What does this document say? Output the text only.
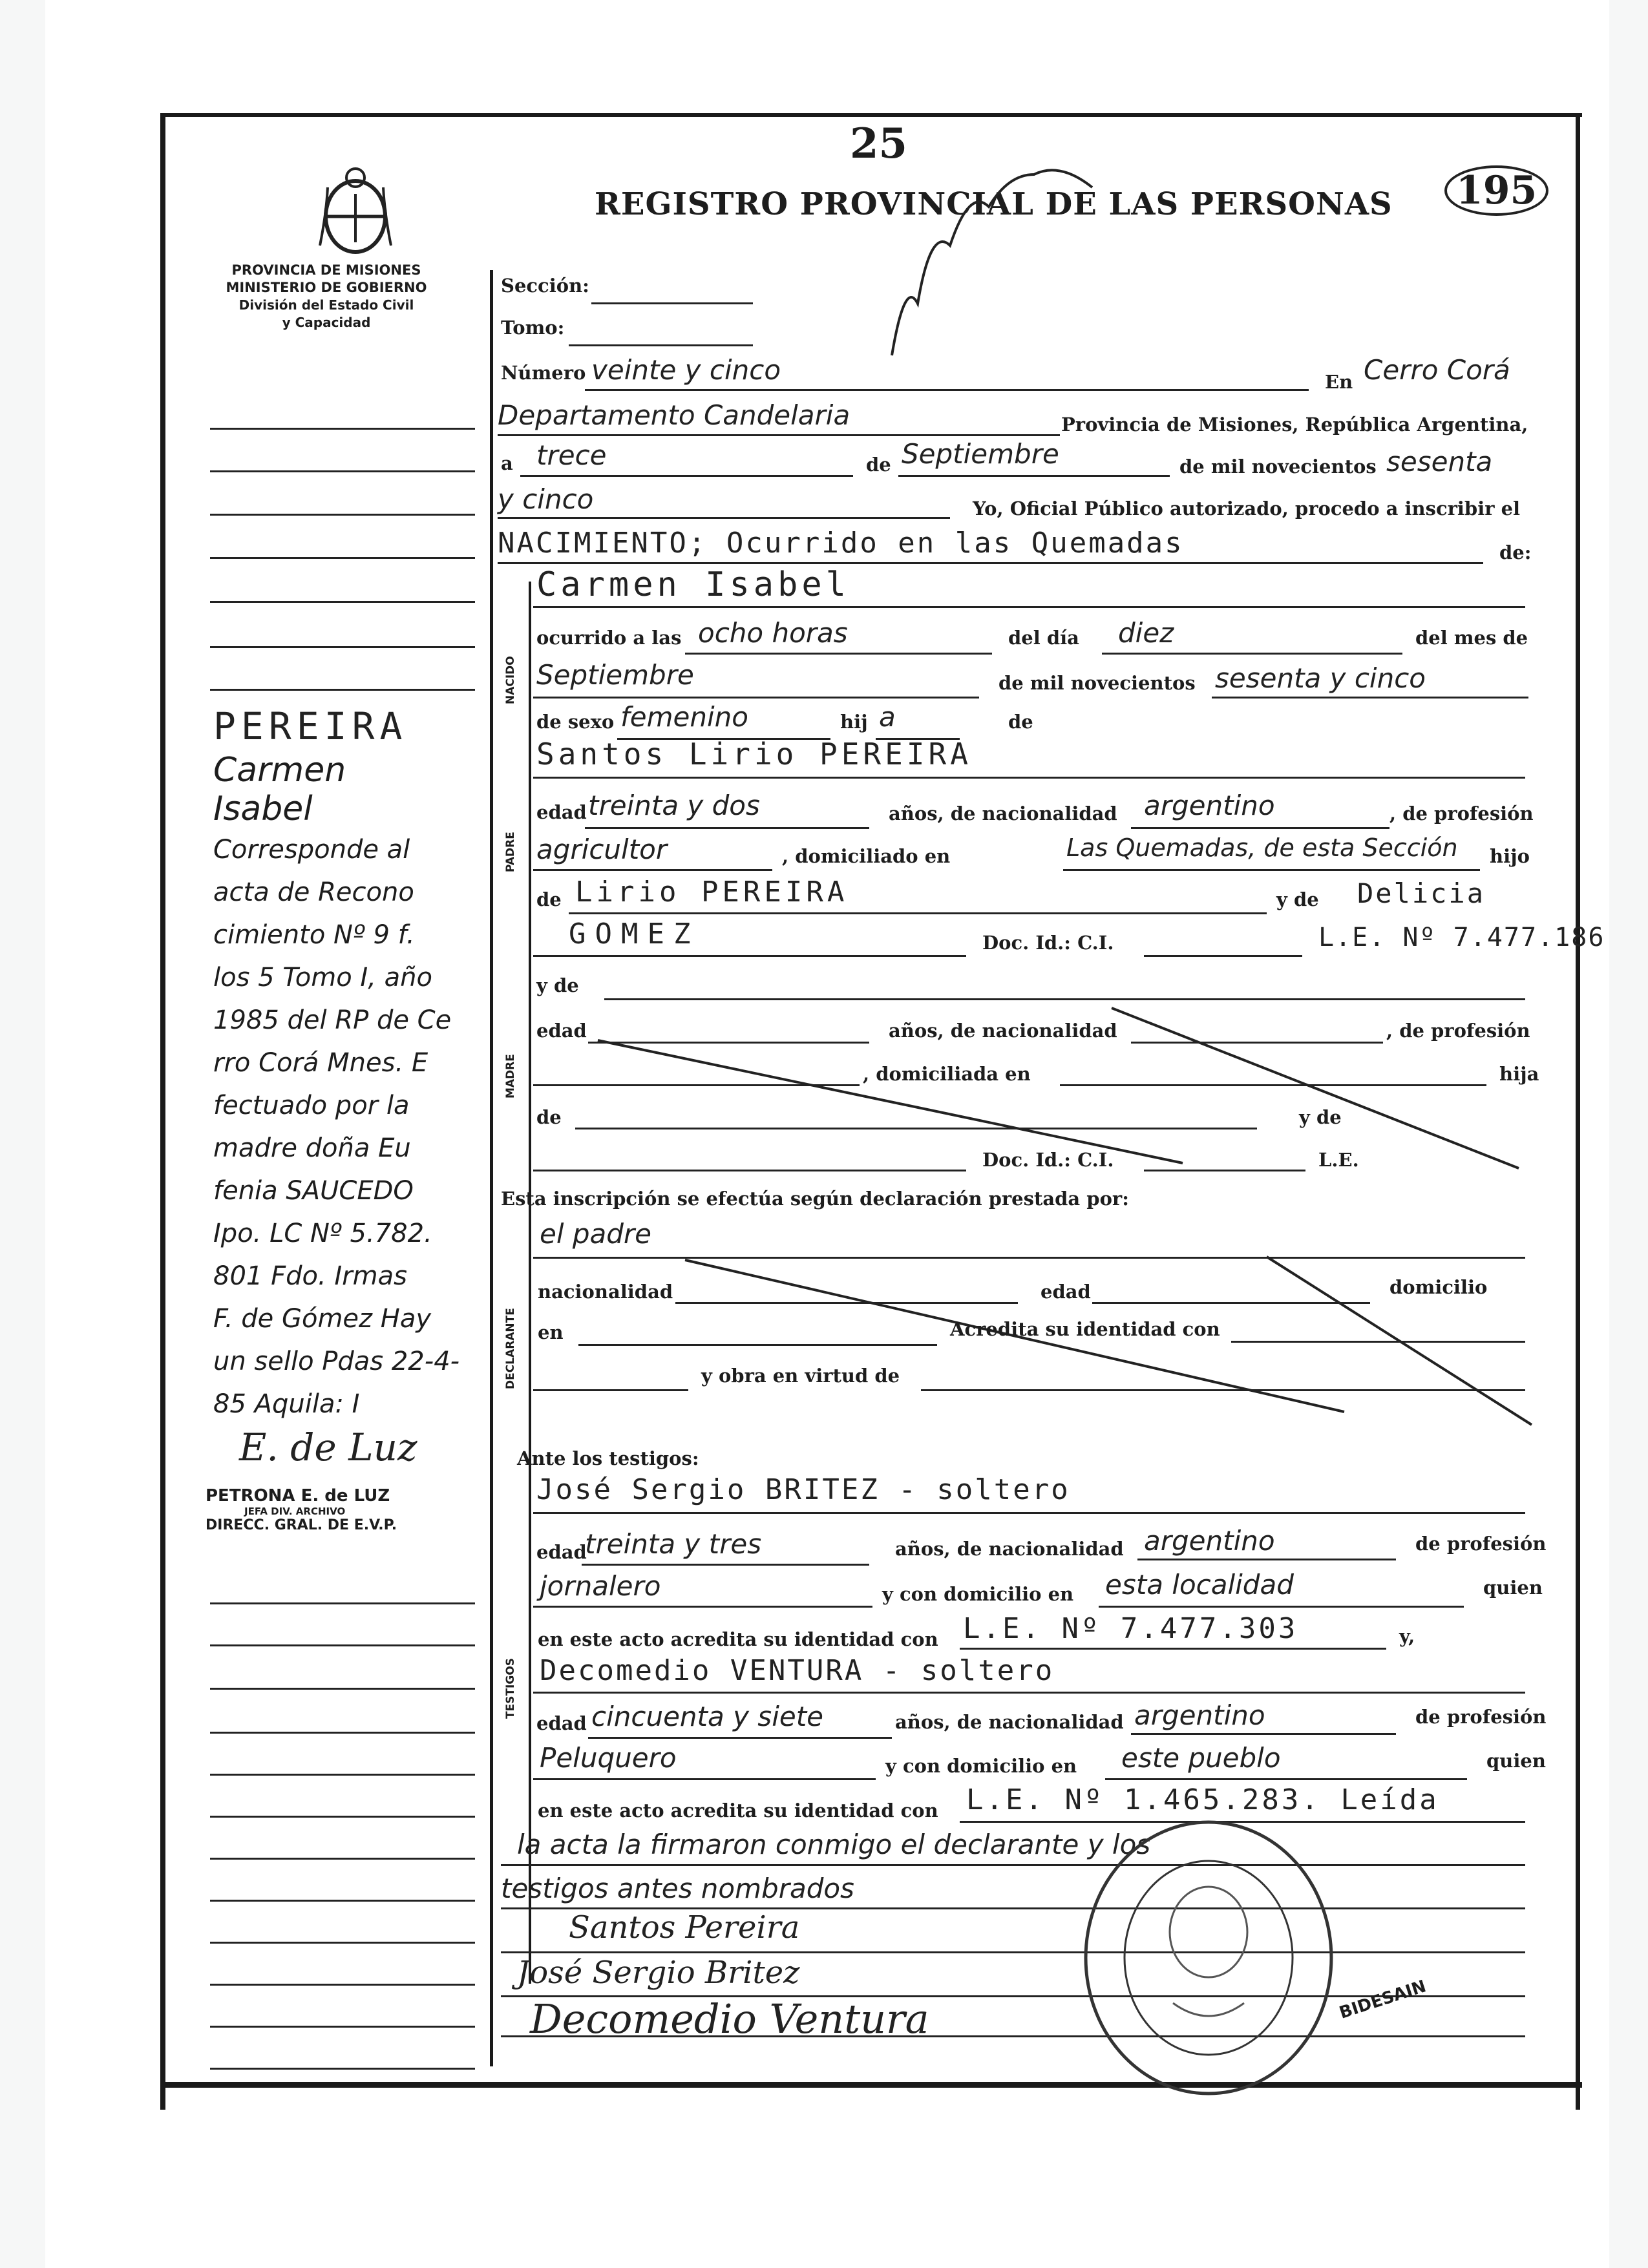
25
REGISTRO PROVINCIAL DE LAS PERSONAS	195
PROVINCIA DE MISIONES
MINISTERIO DE GOBIERNO
División del Estado Civil
y Capacidad
PEREIRA
Carmen
Isabel
Corresponde al
acta de Recono
cimiento Nº 9 f.
los 5 Tomo I, año
1985 del RP de Ce
rro Corá Mnes. E
fectuado por la
madre doña Eu
fenia SAUCEDO
Ipo. LC Nº 5.782.
801 Fdo. Irmas
F. de Gómez Hay
un sello Pdas 22-4-
85 Aquila: I
E. de Luz
PETRONA E. de LUZ
JEFA DIV. ARCHIVO
DIRECC. GRAL. DE E.V.P.
Sección:
Tomo:
Número veinte y cinco	En Cerro Corá
Departamento Candelaria	Provincia de Misiones, República Argentina,
a trece	de Septiembre	de mil novecientos sesenta
y cinco	Yo, Oficial Público autorizado, procedo a inscribir el
NACIMIENTO; Ocurrido en las Quemadas	de:
NACIDO
Carmen Isabel
ocurrido a las ocho horas	del día diez	del mes de
Septiembre	de mil novecientos sesenta y cinco
de sexo femenino	hij a	de
PADRE
Santos Lirio PEREIRA
edad treinta y dos	años, de nacionalidad argentino	, de profesión
agricultor	, domiciliado en	Las Quemadas, de esta Sección hijo
de Lirio PEREIRA	y de Delicia
GOMEZ	Doc. Id.: C.I.	L.E. Nº 7.477.186
MADRE
y de
edad	años, de nacionalidad	, de profesión
, domiciliada en	hija
de	y de
Doc. Id.: C.I.	L.E.
Esta inscripción se efectúa según declaración prestada por:
DECLARANTE
el padre
nacionalidad	edad	domicilio
en	Acredita su identidad con
y obra en virtud de
Ante los testigos:
TESTIGOS
José Sergio BRITEZ - soltero
edad
treinta y tres	años, de nacionalidad argentino	de profesión
jornalero	y con domicilio en esta localidad	quien
en este acto acredita su identidad con L.E. Nº 7.477.303	y,
Decomedio VENTURA - soltero
edad cincuenta y siete	años, de nacionalidad argentino	de profesión
Peluquero	y con domicilio en este pueblo	quien
en este acto acredita su identidad con L.E. Nº 1.465.283. Leída
la acta la firmaron conmigo el declarante y los
testigos antes nombrados
Santos Pereira
José Sergio Britez
Decomedio Ventura	BIDESAIN
